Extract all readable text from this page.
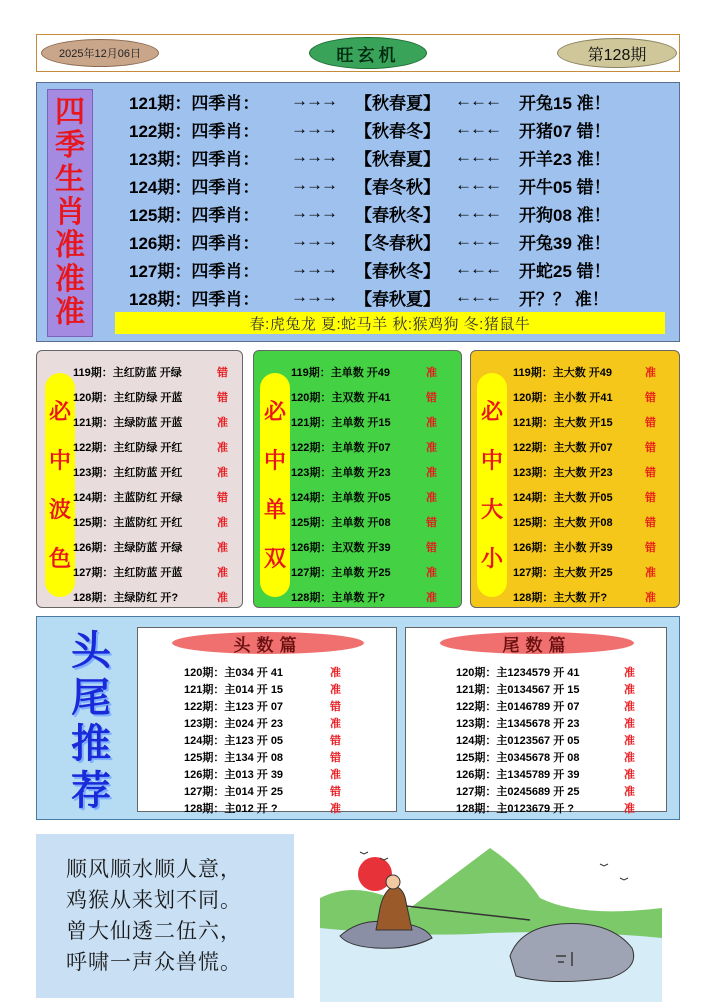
2025年12月06日	旺玄机	第128期
四
季
生
肖
准
准
准
121期：四季肖：	→→→	【秋春夏】 ←←←	开兔15 准！
122期：四季肖：	→→→	【秋春冬】 ←←←	开猪07 错！
123期：四季肖：	→→→	【秋春夏】 ←←←	开羊23 准！
124期：四季肖：	→→→	【春冬秋】 ←←←	开牛05 错！
125期：四季肖：	→→→	【春秋冬】 ←←←	开狗08 准！
126期：四季肖：	→→→	【冬春秋】 ←←←	开兔39 准！
127期：四季肖：	→→→	【春秋冬】 ←←←	开蛇25 错！
128期：四季肖：	→→→	【春秋夏】 ←←←	开？？ 准！
春:虎兔龙 夏:蛇马羊 秋:猴鸡狗 冬:猪鼠牛
必
中
波
色
119期：主红防蓝 开绿	错
120期：主红防绿 开蓝	错
121期：主绿防蓝 开蓝	准
122期：主红防绿 开红	准
123期：主红防蓝 开红	准
124期：主蓝防红 开绿	错
125期：主蓝防红 开红	准
126期：主绿防蓝 开绿	准
127期：主红防蓝 开蓝	准
128期：主绿防红 开?	准
必
中
单
双
119期：主单数 开49	准
120期：主双数 开41	错
121期：主单数 开15	准
122期：主单数 开07	准
123期：主单数 开23	准
124期：主单数 开05	准
125期：主单数 开08	错
126期：主双数 开39	错
127期：主单数 开25	准
128期：主单数 开?	准
必
中
大
小
119期：主大数 开49	准
120期：主小数 开41	错
121期：主大数 开15	错
122期：主大数 开07	错
123期：主大数 开23	错
124期：主大数 开05	错
125期：主大数 开08	错
126期：主小数 开39	错
127期：主大数 开25	准
128期：主大数 开?	准
头
尾
推
荐
头数篇
120期：主034 开 41	准
121期：主014 开 15	准
122期：主123 开 07	错
123期：主024 开 23	准
124期：主123 开 05	错
125期：主134 开 08	错
126期：主013 开 39	准
127期：主014 开 25	错
128期：主012 开 ?	准
尾数篇
120期：主1234579 开 41	准
121期：主0134567 开 15	准
122期：主0146789 开 07	准
123期：主1345678 开 23	准
124期：主0123567 开 05	准
125期：主0345678 开 08	准
126期：主1345789 开 39	准
127期：主0245689 开 25	准
128期：主0123679 开 ?	准
顺风顺水顺人意，
鸡猴从来划不同。
曾大仙透二伍六，
呼啸一声众兽慌。
